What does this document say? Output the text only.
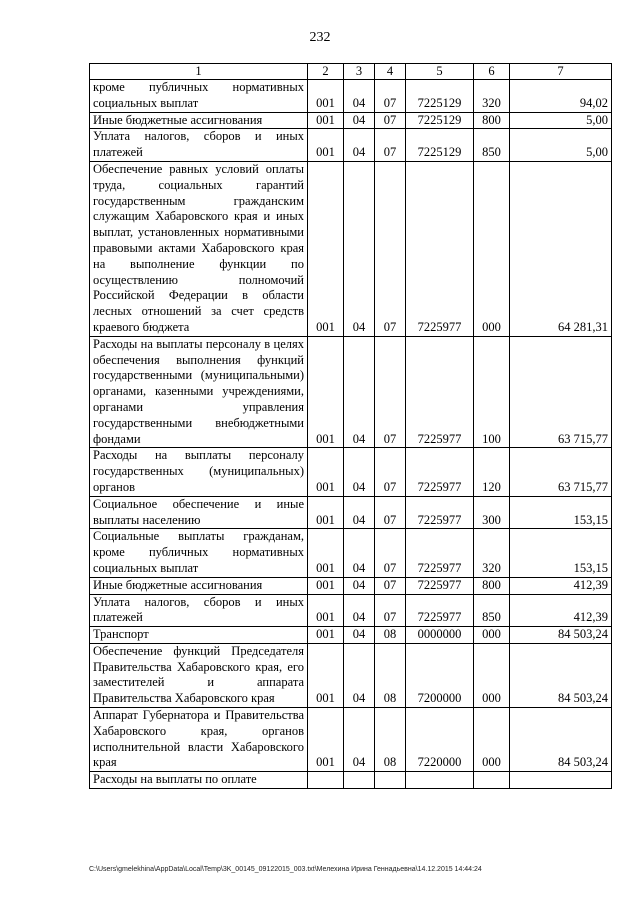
232
1	2	3	4	5	6	7
кроме публичных нормативных социальных выплат	001	04	07	7225129	320	94,02
Иные бюджетные ассигнования	001	04	07	7225129	800	5,00
Уплата налогов, сборов и иных платежей	001	04	07	7225129	850	5,00
Обеспечение равных условий оплаты труда, социальных гарантий государственным гражданским служащим Хабаровского края и иных выплат, установленных нормативными правовыми актами Хабаровского края на выполнение функции по осуществлению полномочий Российской Федерации в области лесных отношений за счет средств краевого бюджета	001	04	07	7225977	000	64 281,31
Расходы на выплаты персоналу в целях обеспечения выполнения функций государственными (муниципальными) органами, казенными учреждениями, органами управления государственными внебюджетными фондами	001	04	07	7225977	100	63 715,77
Расходы на выплаты персоналу государственных (муниципальных) органов	001	04	07	7225977	120	63 715,77
Социальное обеспечение и иные выплаты населению	001	04	07	7225977	300	153,15
Социальные выплаты гражданам, кроме публичных нормативных социальных выплат	001	04	07	7225977	320	153,15
Иные бюджетные ассигнования	001	04	07	7225977	800	412,39
Уплата налогов, сборов и иных платежей	001	04	07	7225977	850	412,39
Транспорт	001	04	08	0000000	000	84 503,24
Обеспечение функций Председателя Правительства Хабаровского края, его заместителей и аппарата Правительства Хабаровского края	001	04	08	7200000	000	84 503,24
Аппарат Губернатора и Правительства Хабаровского края, органов исполнительной власти Хабаровского края	001	04	08	7220000	000	84 503,24
Расходы на выплаты по оплате						
C:\Users\gmelekhina\AppData\Local\Temp\3K_00145_09122015_003.txt\Мелехина Ирина Геннадьевна\14.12.2015 14:44:24
